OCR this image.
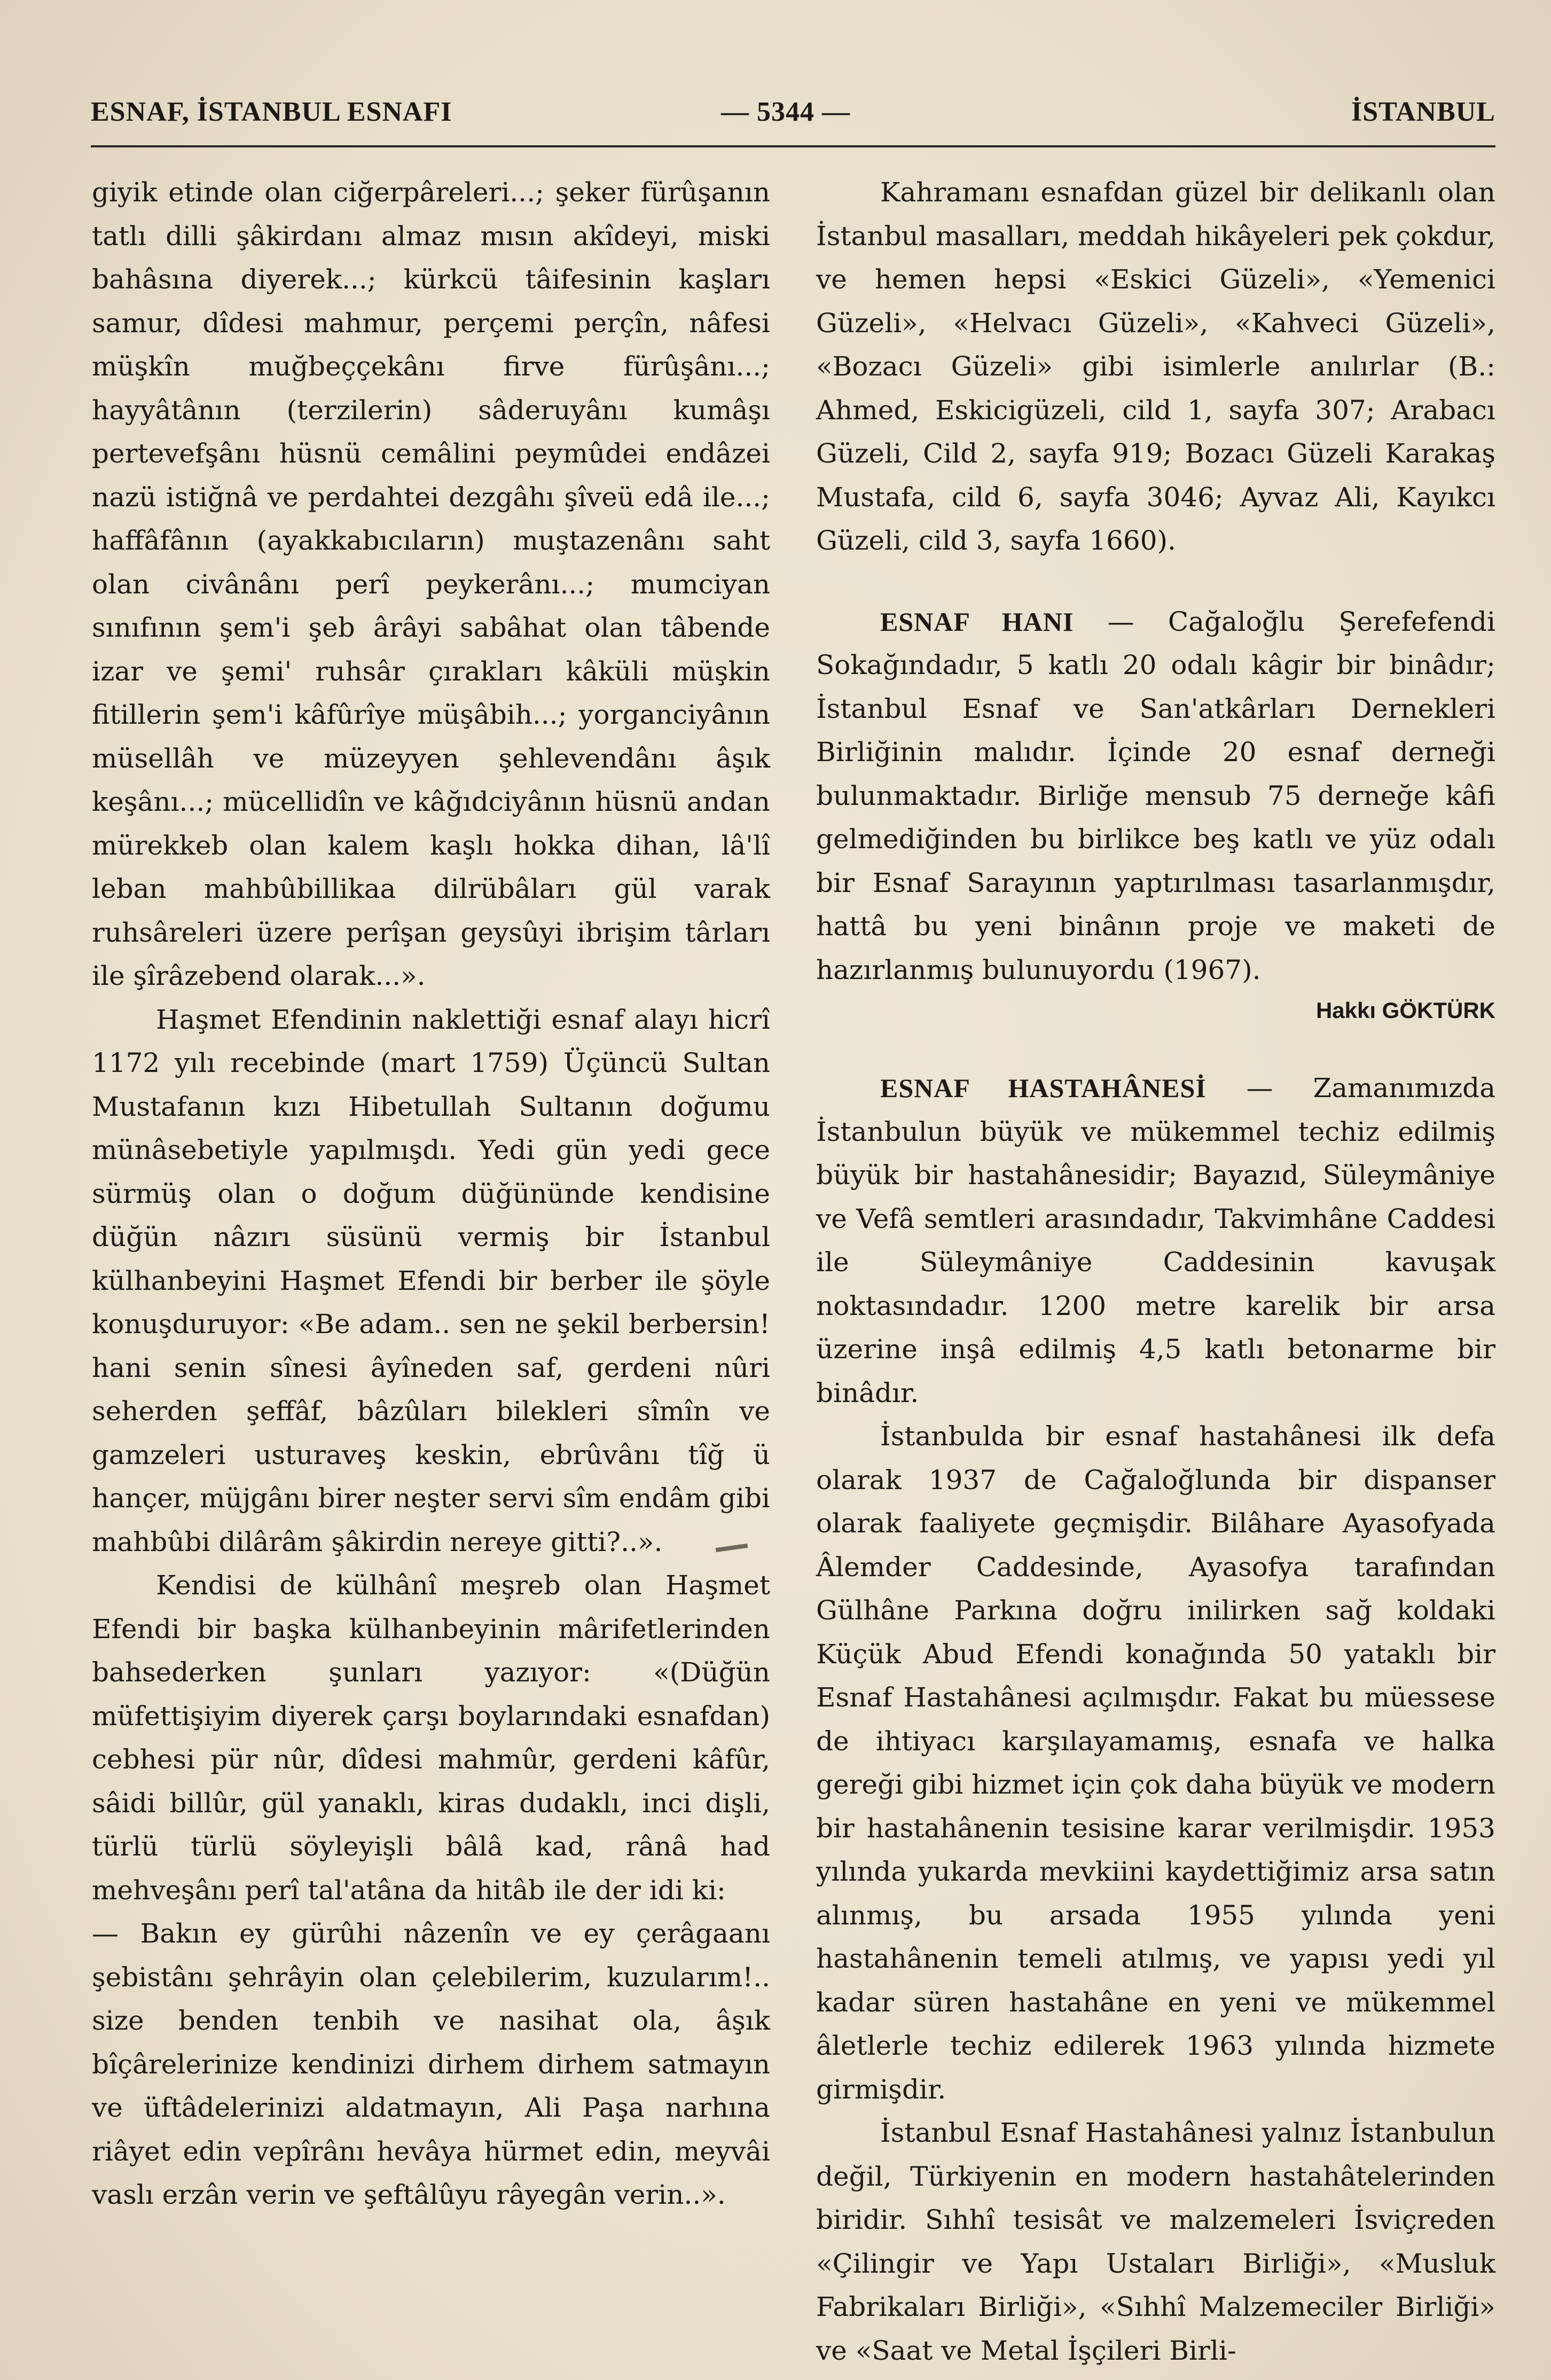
ESNAF, İSTANBUL ESNAFI	— 5344 —	İSTANBUL

giyik etinde olan ciğerpâreleri...; şeker fürûşanın tatlı dilli şâkirdanı almaz mısın akîdeyi, miski bahâsına diyerek...; kürkcü tâifesinin kaşları samur, dîdesi mahmur, perçemi perçîn, nâfesi müşkîn muğbeççekânı firve fürûşânı...; hayyâtânın (terzilerin) sâderuyânı kumâşı pertevefşânı hüsnü cemâlini peymûdei endâzei nazü istiğnâ ve perdahtei dezgâhı şîveü edâ ile...; haffâfânın (ayakkabıcıların) muştazenânı saht olan civânânı perî peykerânı...; mumciyan sınıfının şem'i şeb ârâyi sabâhat olan tâbende izar ve şemi' ruhsâr çırakları kâküli müşkin fitillerin şem'i kâfûrîye müşâbih...; yorganciyânın müsellâh ve müzeyyen şehlevendânı âşık keşânı...; mücellidîn ve kâğıdciyânın hüsnü andan mürekkeb olan kalem kaşlı hokka dihan, lâ'lî leban mahbûbillikaa dilrübâları gül varak ruhsâreleri üzere perîşan geysûyi ibrişim târları ile şîrâzebend olarak...».

Haşmet Efendinin naklettiği esnaf alayı hicrî 1172 yılı recebinde (mart 1759) Üçüncü Sultan Mustafanın kızı Hibetullah Sultanın doğumu münâsebetiyle yapılmışdı. Yedi gün yedi gece sürmüş olan o doğum düğününde kendisine düğün nâzırı süsünü vermiş bir İstanbul külhanbeyini Haşmet Efendi bir berber ile şöyle konuşduruyor: «Be adam.. sen ne şekil berbersin! hani senin sînesi âyîneden saf, gerdeni nûri seherden şeffâf, bâzûları bilekleri sîmîn ve gamzeleri usturaveş keskin, ebrûvânı tîğ ü hançer, müjgânı birer neşter servi sîm endâm gibi mahbûbi dilârâm şâkirdin nereye gitti?..».

Kendisi de külhânî meşreb olan Haşmet Efendi bir başka külhanbeyinin mârifetlerinden bahsederken şunları yazıyor: «(Düğün müfettişiyim diyerek çarşı boylarındaki esnafdan) cebhesi pür nûr, dîdesi mahmûr, gerdeni kâfûr, sâidi billûr, gül yanaklı, kiras dudaklı, inci dişli, türlü türlü söyleyişli bâlâ kad, rânâ had mehveşânı perî tal'atâna da hitâb ile der idi ki:

— Bakın ey gürûhi nâzenîn ve ey çerâgaanı şebistânı şehrâyin olan çelebilerim, kuzularım!.. size benden tenbih ve nasihat ola, âşık bîçârelerinize kendinizi dirhem dirhem satmayın ve üftâdelerinizi aldatmayın, Ali Paşa narhına riâyet edin vepîrânı hevâya hürmet edin, meyvâi vaslı erzân verin ve şeftâlûyu râyegân verin..».

Kahramanı esnafdan güzel bir delikanlı olan İstanbul masalları, meddah hikâyeleri pek çokdur, ve hemen hepsi «Eskici Güzeli», «Yemenici Güzeli», «Helvacı Güzeli», «Kahveci Güzeli», «Bozacı Güzeli» gibi isimlerle anılırlar (B.: Ahmed, Eskicigüzeli, cild 1, sayfa 307; Arabacı Güzeli, Cild 2, sayfa 919; Bozacı Güzeli Karakaş Mustafa, cild 6, sayfa 3046; Ayvaz Ali, Kayıkcı Güzeli, cild 3, sayfa 1660).

ESNAF HANI — Cağaloğlu Şerefefendi Sokağındadır, 5 katlı 20 odalı kâgir bir binâdır; İstanbul Esnaf ve San'atkârları Dernekleri Birliğinin malıdır. İçinde 20 esnaf derneği bulunmaktadır. Birliğe mensub 75 derneğe kâfi gelmediğinden bu birlikce beş katlı ve yüz odalı bir Esnaf Sarayının yaptırılması tasarlanmışdır, hattâ bu yeni binânın proje ve maketi de hazırlanmış bulunuyordu (1967).

Hakkı GÖKTÜRK

ESNAF HASTAHÂNESİ — Zamanımızda İstanbulun büyük ve mükemmel techiz edilmiş büyük bir hastahânesidir; Bayazıd, Süleymâniye ve Vefâ semtleri arasındadır, Takvimhâne Caddesi ile Süleymâniye Caddesinin kavuşak noktasındadır. 1200 metre karelik bir arsa üzerine inşâ edilmiş 4,5 katlı betonarme bir binâdır.

İstanbulda bir esnaf hastahânesi ilk defa olarak 1937 de Cağaloğlunda bir dispanser olarak faaliyete geçmişdir. Bilâhare Ayasofyada Âlemder Caddesinde, Ayasofya tarafından Gülhâne Parkına doğru inilirken sağ koldaki Küçük Abud Efendi konağında 50 yataklı bir Esnaf Hastahânesi açılmışdır. Fakat bu müessese de ihtiyacı karşılayamamış, esnafa ve halka gereği gibi hizmet için çok daha büyük ve modern bir hastahânenin tesisine karar verilmişdir. 1953 yılında yukarda mevkiini kaydettiğimiz arsa satın alınmış, bu arsada 1955 yılında yeni hastahânenin temeli atılmış, ve yapısı yedi yıl kadar süren hastahâne en yeni ve mükemmel âletlerle techiz edilerek 1963 yılında hizmete girmişdir.

İstanbul Esnaf Hastahânesi yalnız İstanbulun değil, Türkiyenin en modern hastahâtelerinden biridir. Sıhhî tesisât ve malzemeleri İsviçreden «Çilingir ve Yapı Ustaları Birliği», «Musluk Fabrikaları Birliği», «Sıhhî Malzemeciler Birliği» ve «Saat ve Metal İşçileri Birli-
